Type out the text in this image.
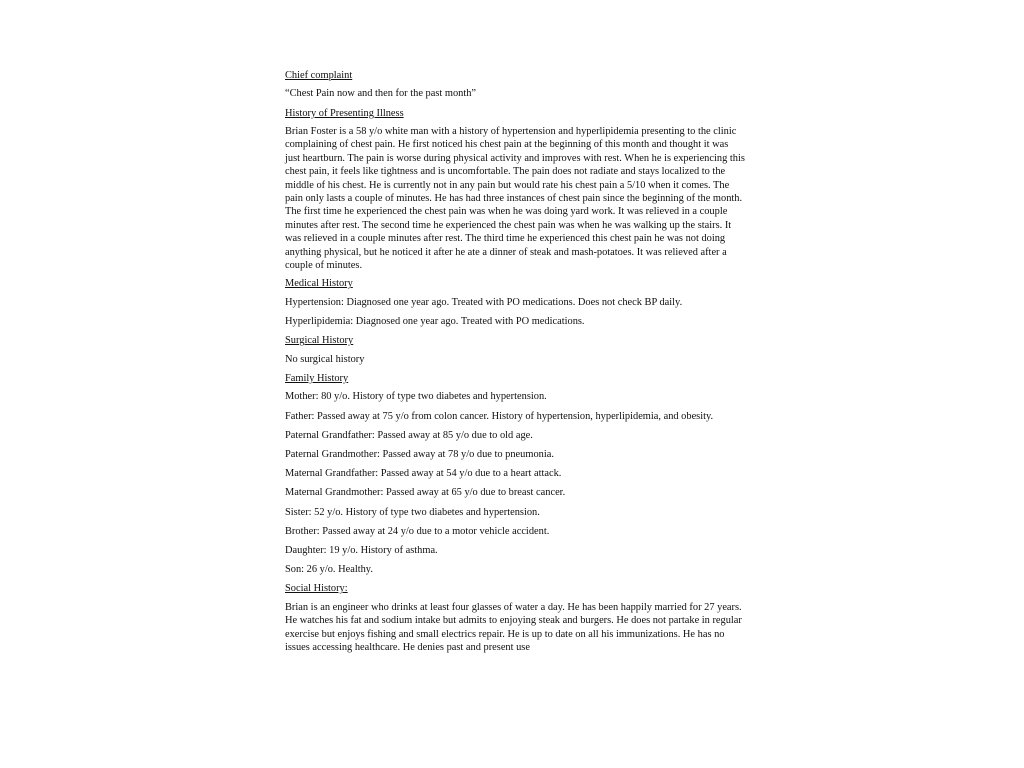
Chief complaint
“Chest Pain now and then for the past month”
History of Presenting Illness
Brian Foster is a 58 y/o white man with a history of hypertension and hyperlipidemia presenting to the clinic complaining of chest pain. He first noticed his chest pain at the beginning of this month and thought it was just heartburn. The pain is worse during physical activity and improves with rest. When he is experiencing this chest pain, it feels like tightness and is uncomfortable. The pain does not radiate and stays localized to the middle of his chest. He is currently not in any pain but would rate his chest pain a 5/10 when it comes. The pain only lasts a couple of minutes. He has had three instances of chest pain since the beginning of the month. The first time he experienced the chest pain was when he was doing yard work. It was relieved in a couple minutes after rest. The second time he experienced the chest pain was when he was walking up the stairs. It was relieved in a couple minutes after rest. The third time he experienced this chest pain he was not doing anything physical, but he noticed it after he ate a dinner of steak and mash-potatoes. It was relieved after a couple of minutes.
Medical History
Hypertension: Diagnosed one year ago. Treated with PO medications. Does not check BP daily.
Hyperlipidemia: Diagnosed one year ago. Treated with PO medications.
Surgical History
No surgical history
Family History
Mother: 80 y/o. History of type two diabetes and hypertension.
Father: Passed away at 75 y/o from colon cancer. History of hypertension, hyperlipidemia, and obesity.
Paternal Grandfather: Passed away at 85 y/o due to old age.
Paternal Grandmother: Passed away at 78 y/o due to pneumonia.
Maternal Grandfather: Passed away at 54 y/o due to a heart attack.
Maternal Grandmother: Passed away at 65 y/o due to breast cancer.
Sister: 52 y/o. History of type two diabetes and hypertension.
Brother: Passed away at 24 y/o due to a motor vehicle accident.
Daughter: 19 y/o. History of asthma.
Son: 26 y/o. Healthy.
Social History:
Brian is an engineer who drinks at least four glasses of water a day. He has been happily married for 27 years. He watches his fat and sodium intake but admits to enjoying steak and burgers. He does not partake in regular exercise but enjoys fishing and small electrics repair. He is up to date on all his immunizations. He has no issues accessing healthcare. He denies past and present use
